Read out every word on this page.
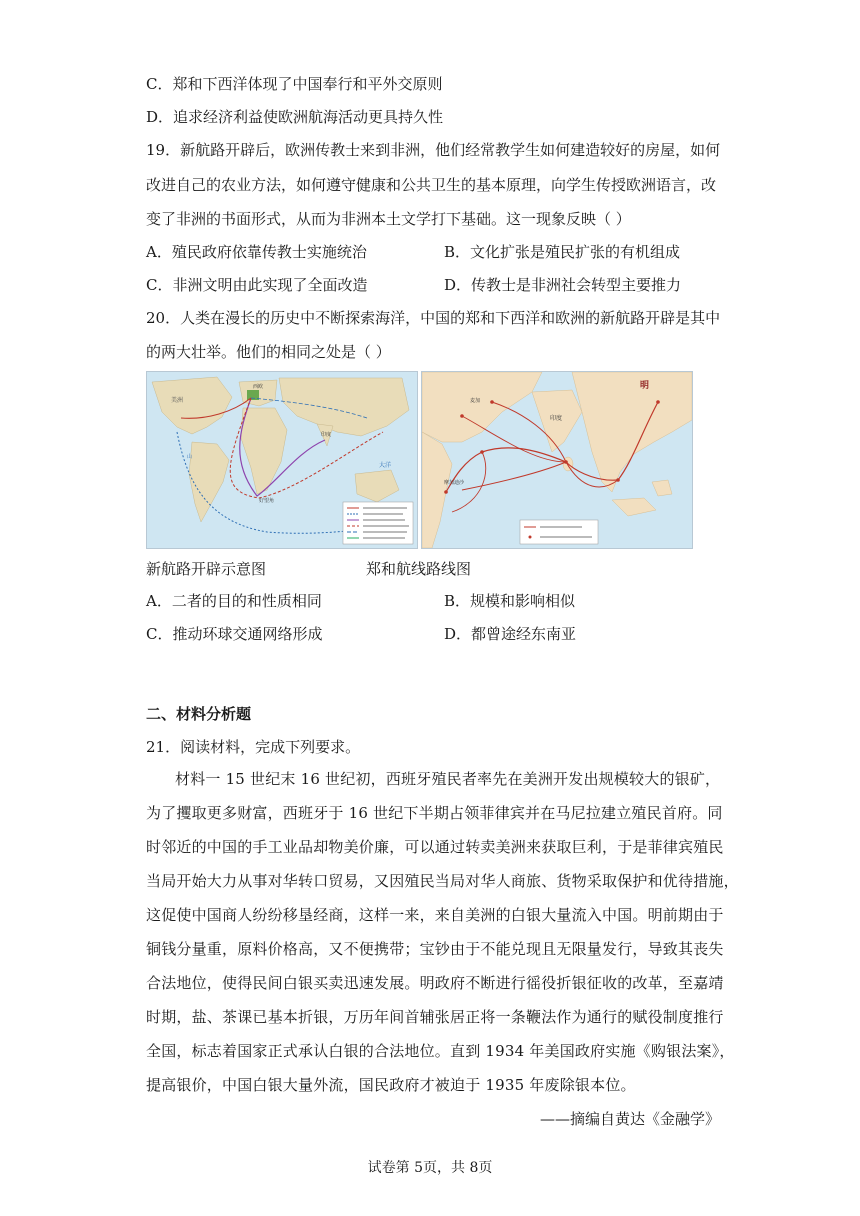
C．郑和下西洋体现了中国奉行和平外交原则
D．追求经济利益使欧洲航海活动更具持久性
19．新航路开辟后，欧洲传教士来到非洲，他们经常教学生如何建造较好的房屋，如何
改进自己的农业方法，如何遵守健康和公共卫生的基本原理，向学生传授欧洲语言，改
变了非洲的书面形式，从而为非洲本土文学打下基础。这一现象反映（ ）
A．殖民政府依靠传教士实施统治	B．文化扩张是殖民扩张的有机组成
C．非洲文明由此实现了全面改造	D．传教士是非洲社会转型主要推力
20．人类在漫长的历史中不断探索海洋，中国的郑和下西洋和欧洲的新航路开辟是其中
的两大壮举。他们的相同之处是（ ）
西欧
印度
好望角
美洲
大洋
山
明
印度
麦加
摩加迪沙
新航路开辟示意图	郑和航线路线图
A．二者的目的和性质相同	B．规模和影响相似
C．推动环球交通网络形成	D．都曾途经东南亚
二、材料分析题
21．阅读材料，完成下列要求。
材料一 15 世纪末 16 世纪初，西班牙殖民者率先在美洲开发出规模较大的银矿，
为了攫取更多财富，西班牙于 16 世纪下半期占领菲律宾并在马尼拉建立殖民首府。同
时邻近的中国的手工业品却物美价廉，可以通过转卖美洲来获取巨利，于是菲律宾殖民
当局开始大力从事对华转口贸易，又因殖民当局对华人商旅、货物采取保护和优待措施，
这促使中国商人纷纷移垦经商，这样一来，来自美洲的白银大量流入中国。明前期由于
铜钱分量重，原料价格高，又不便携带；宝钞由于不能兑现且无限量发行，导致其丧失
合法地位，使得民间白银买卖迅速发展。明政府不断进行徭役折银征收的改革，至嘉靖
时期，盐、茶课已基本折银，万历年间首辅张居正将一条鞭法作为通行的赋役制度推行
全国，标志着国家正式承认白银的合法地位。直到 1934 年美国政府实施《购银法案》，
提高银价，中国白银大量外流，国民政府才被迫于 1935 年废除银本位。
——摘编自黄达《金融学》
试卷第 5页，共 8页
